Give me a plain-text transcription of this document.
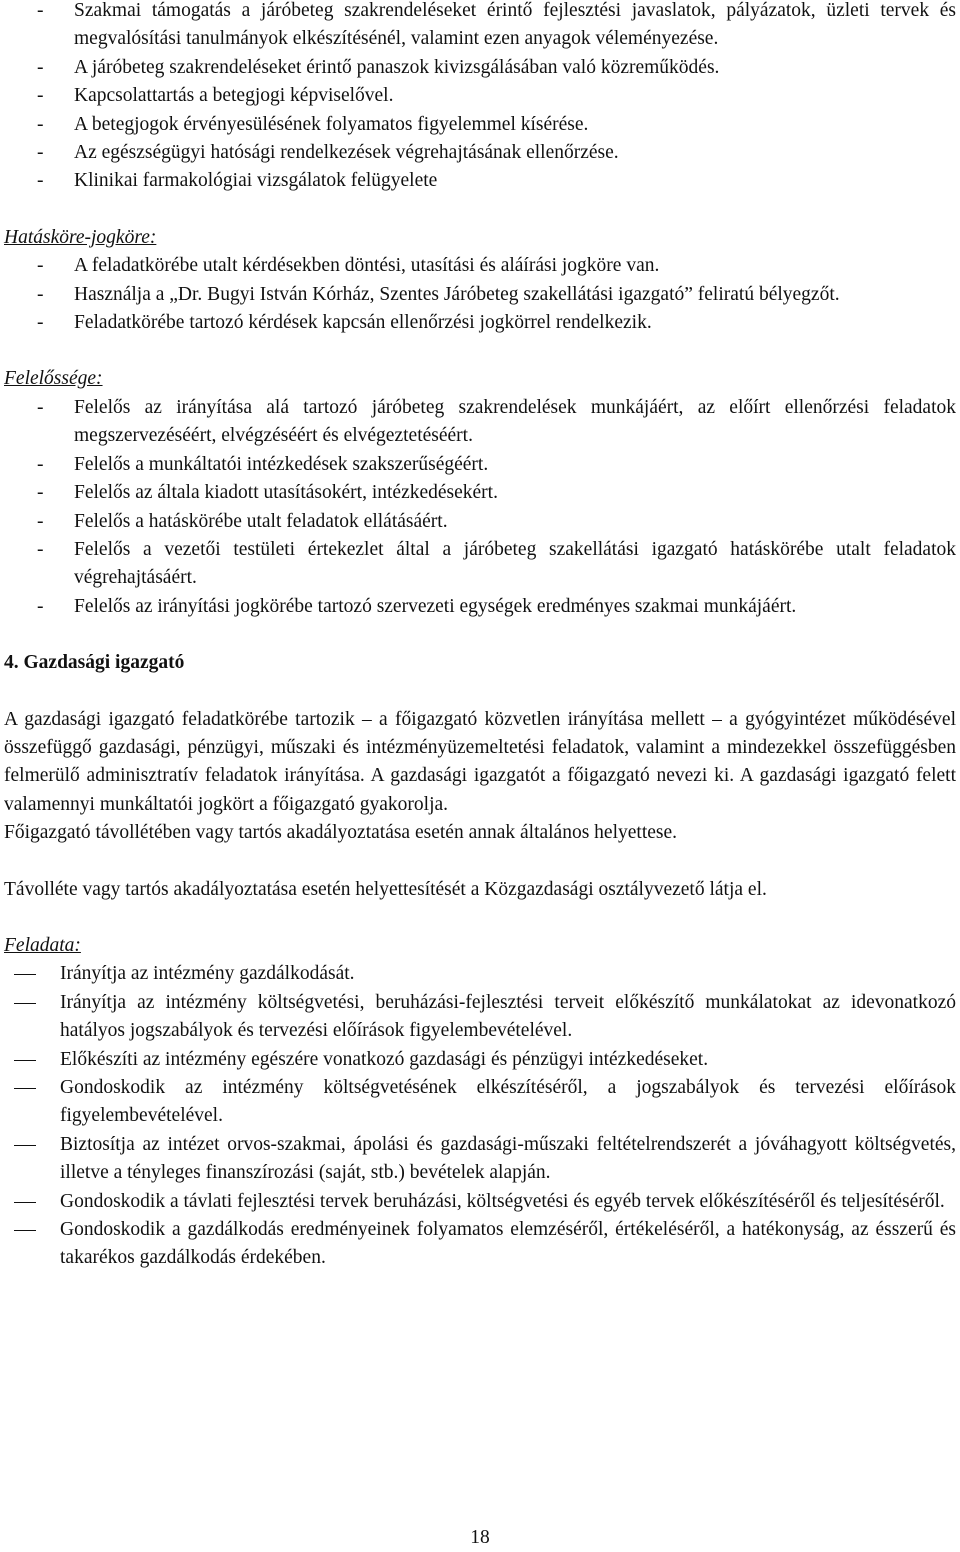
- Szakmai támogatás a járóbeteg szakrendeléseket érintő fejlesztési javaslatok, pályázatok, üzleti tervek és megvalósítási tanulmányok elkészítésénél, valamint ezen anyagok véleményezése.
- A járóbeteg szakrendeléseket érintő panaszok kivizsgálásában való közreműködés.
- Kapcsolattartás a betegjogi képviselővel.
- A betegjogok érvényesülésének folyamatos figyelemmel kísérése.
- Az egészségügyi hatósági rendelkezések végrehajtásának ellenőrzése.
- Klinikai farmakológiai vizsgálatok felügyelete
Hatásköre-jogköre:
- A feladatkörébe utalt kérdésekben döntési, utasítási és aláírási jogköre van.
- Használja a „Dr. Bugyi István Kórház, Szentes Járóbeteg szakellátási igazgató” feliratú bélyegzőt.
- Feladatkörébe tartozó kérdések kapcsán ellenőrzési jogkörrel rendelkezik.
Felelőssége:
- Felelős az irányítása alá tartozó járóbeteg szakrendelések munkájáért, az előírt ellenőrzési feladatok megszervezéséért, elvégzéséért és elvégeztetéséért.
- Felelős a munkáltatói intézkedések szakszerűségéért.
- Felelős az általa kiadott utasításokért, intézkedésekért.
- Felelős a hatáskörébe utalt feladatok ellátásáért.
- Felelős a vezetői testületi értekezlet által a járóbeteg szakellátási igazgató hatáskörébe utalt feladatok végrehajtásáért.
- Felelős az irányítási jogkörébe tartozó szervezeti egységek eredményes szakmai munkájáért.
4. Gazdasági igazgató

A gazdasági igazgató feladatkörébe tartozik – a főigazgató közvetlen irányítása mellett – a gyógyintézet működésével összefüggő gazdasági, pénzügyi, műszaki és intézményüzemeltetési feladatok, valamint a mindezekkel összefüggésben felmerülő adminisztratív feladatok irányítása. A gazdasági igazgatót a főigazgató nevezi ki. A gazdasági igazgató felett valamennyi munkáltatói jogkört a főigazgató gyakorolja.

Főigazgató távollétében vagy tartós akadályoztatása esetén annak általános helyettese.

Távolléte vagy tartós akadályoztatása esetén helyettesítését a Közgazdasági osztályvezető látja el.

Feladata:
Irányítja az intézmény gazdálkodását.
Irányítja az intézmény költségvetési, beruházási-fejlesztési terveit előkészítő munkálatokat az idevonatkozó hatályos jogszabályok és tervezési előírások figyelembevételével.
Előkészíti az intézmény egészére vonatkozó gazdasági és pénzügyi intézkedéseket.
Gondoskodik az intézmény költségvetésének elkészítéséről, a jogszabályok és tervezési előírások figyelembevételével.
Biztosítja az intézet orvos-szakmai, ápolási és gazdasági-műszaki feltételrendszerét a jóváhagyott költségvetés, illetve a tényleges finanszírozási (saját, stb.) bevételek alapján.
Gondoskodik a távlati fejlesztési tervek beruházási, költségvetési és egyéb tervek előkészítéséről és teljesítéséről.
Gondoskodik a gazdálkodás eredményeinek folyamatos elemzéséről, értékeléséről, a hatékonyság, az ésszerű és takarékos gazdálkodás érdekében.
18
